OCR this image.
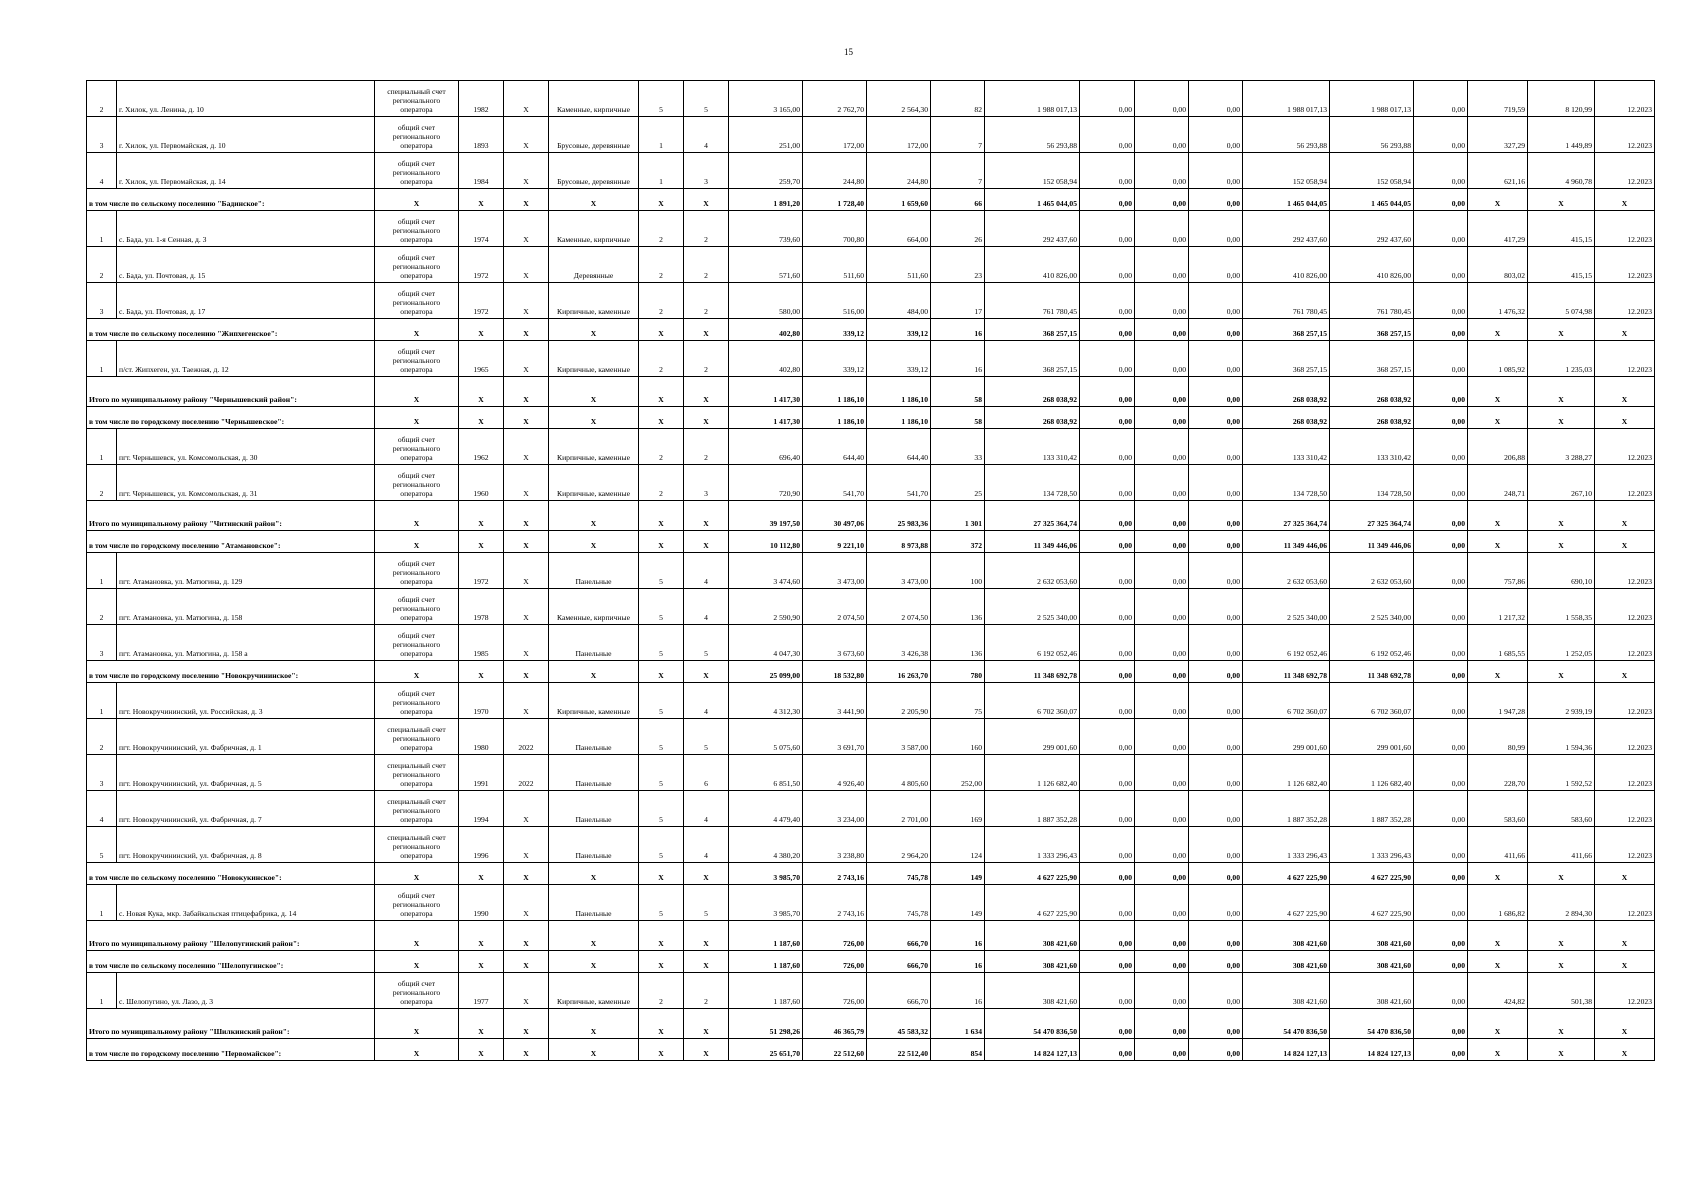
15
2	г. Хилок, ул. Ленина, д. 10	специальный счет регионального оператора	1982	X	Каменные, кирпичные	5	5	3 165,00	2 762,70	2 564,30	82	1 988 017,13	0,00	0,00	0,00	1 988 017,13	1 988 017,13	0,00	719,59	8 120,99	12.2023
3	г. Хилок, ул. Первомайская, д. 10	общий счет регионального оператора	1893	X	Брусовые, деревянные	1	4	251,00	172,00	172,00	7	56 293,88	0,00	0,00	0,00	56 293,88	56 293,88	0,00	327,29	1 449,89	12.2023
4	г. Хилок, ул. Первомайская, д. 14	общий счет регионального оператора	1984	X	Брусовые, деревянные	1	3	259,70	244,80	244,80	7	152 058,94	0,00	0,00	0,00	152 058,94	152 058,94	0,00	621,16	4 960,78	12.2023
в том числе по сельскому поселению "Бадинское":		X	X	X	X	X	X	1 891,20	1 728,40	1 659,60	66	1 465 044,05	0,00	0,00	0,00	1 465 044,05	1 465 044,05	0,00	X	X	X
1	с. Бада, ул. 1-я Сенная, д. 3	общий счет регионального оператора	1974	X	Каменные, кирпичные	2	2	739,60	700,80	664,00	26	292 437,60	0,00	0,00	0,00	292 437,60	292 437,60	0,00	417,29	415,15	12.2023
2	с. Бада, ул. Почтовая, д. 15	общий счет регионального оператора	1972	X	Деревянные	2	2	571,60	511,60	511,60	23	410 826,00	0,00	0,00	0,00	410 826,00	410 826,00	0,00	803,02	415,15	12.2023
3	с. Бада, ул. Почтовая, д. 17	общий счет регионального оператора	1972	X	Кирпичные, каменные	2	2	580,00	516,00	484,00	17	761 780,45	0,00	0,00	0,00	761 780,45	761 780,45	0,00	1 476,32	5 074,98	12.2023
в том числе по сельскому поселению "Жипхегенское":		X	X	X	X	X	X	402,80	339,12	339,12	16	368 257,15	0,00	0,00	0,00	368 257,15	368 257,15	0,00	X	X	X
1	п/ст. Жипхеген, ул. Таежная, д. 12	общий счет регионального оператора	1965	X	Кирпичные, каменные	2	2	402,80	339,12	339,12	16	368 257,15	0,00	0,00	0,00	368 257,15	368 257,15	0,00	1 085,92	1 235,03	12.2023
Итого по муниципальному району "Чернышевский район":		X	X	X	X	X	X	1 417,30	1 186,10	1 186,10	58	268 038,92	0,00	0,00	0,00	268 038,92	268 038,92	0,00	X	X	X
в том числе по городскому поселению "Чернышевское":		X	X	X	X	X	X	1 417,30	1 186,10	1 186,10	58	268 038,92	0,00	0,00	0,00	268 038,92	268 038,92	0,00	X	X	X
1	пгт. Чернышевск, ул. Комсомольская, д. 30	общий счет регионального оператора	1962	X	Кирпичные, каменные	2	2	696,40	644,40	644,40	33	133 310,42	0,00	0,00	0,00	133 310,42	133 310,42	0,00	206,88	3 288,27	12.2023
2	пгт. Чернышевск, ул. Комсомольская, д. 31	общий счет регионального оператора	1960	X	Кирпичные, каменные	2	3	720,90	541,70	541,70	25	134 728,50	0,00	0,00	0,00	134 728,50	134 728,50	0,00	248,71	267,10	12.2023
Итого по муниципальному району "Читинский район":		X	X	X	X	X	X	39 197,50	30 497,06	25 983,36	1 301	27 325 364,74	0,00	0,00	0,00	27 325 364,74	27 325 364,74	0,00	X	X	X
в том числе по городскому поселению "Атамановское":		X	X	X	X	X	X	10 112,80	9 221,10	8 973,88	372	11 349 446,06	0,00	0,00	0,00	11 349 446,06	11 349 446,06	0,00	X	X	X
1	пгт. Атамановка, ул. Матюгина, д. 129	общий счет регионального оператора	1972	X	Панельные	5	4	3 474,60	3 473,00	3 473,00	100	2 632 053,60	0,00	0,00	0,00	2 632 053,60	2 632 053,60	0,00	757,86	690,10	12.2023
2	пгт. Атамановка, ул. Матюгина, д. 158	общий счет регионального оператора	1978	X	Каменные, кирпичные	5	4	2 590,90	2 074,50	2 074,50	136	2 525 340,00	0,00	0,00	0,00	2 525 340,00	2 525 340,00	0,00	1 217,32	1 558,35	12.2023
3	пгт. Атамановка, ул. Матюгина, д. 158 а	общий счет регионального оператора	1985	X	Панельные	5	5	4 047,30	3 673,60	3 426,38	136	6 192 052,46	0,00	0,00	0,00	6 192 052,46	6 192 052,46	0,00	1 685,55	1 252,05	12.2023
в том числе по городскому поселению "Новокручининское":		X	X	X	X	X	X	25 099,00	18 532,80	16 263,70	780	11 348 692,78	0,00	0,00	0,00	11 348 692,78	11 348 692,78	0,00	X	X	X
1	пгт. Новокручининский, ул. Российская, д. 3	общий счет регионального оператора	1970	X	Кирпичные, каменные	5	4	4 312,30	3 441,90	2 205,90	75	6 702 360,07	0,00	0,00	0,00	6 702 360,07	6 702 360,07	0,00	1 947,28	2 939,19	12.2023
2	пгт. Новокручининский, ул. Фабричная, д. 1	специальный счет регионального оператора	1980	2022	Панельные	5	5	5 075,60	3 691,70	3 587,00	160	299 001,60	0,00	0,00	0,00	299 001,60	299 001,60	0,00	80,99	1 594,36	12.2023
3	пгт. Новокручининский, ул. Фабричная, д. 5	специальный счет регионального оператора	1991	2022	Панельные	5	6	6 851,50	4 926,40	4 805,60	252,00	1 126 682,40	0,00	0,00	0,00	1 126 682,40	1 126 682,40	0,00	228,70	1 592,52	12.2023
4	пгт. Новокручининский, ул. Фабричная, д. 7	специальный счет регионального оператора	1994	X	Панельные	5	4	4 479,40	3 234,00	2 701,00	169	1 887 352,28	0,00	0,00	0,00	1 887 352,28	1 887 352,28	0,00	583,60	583,60	12.2023
5	пгт. Новокручининский, ул. Фабричная, д. 8	специальный счет регионального оператора	1996	X	Панельные	5	4	4 380,20	3 238,80	2 964,20	124	1 333 296,43	0,00	0,00	0,00	1 333 296,43	1 333 296,43	0,00	411,66	411,66	12.2023
в том числе по сельскому поселению "Новокукинское":		X	X	X	X	X	X	3 985,70	2 743,16	745,78	149	4 627 225,90	0,00	0,00	0,00	4 627 225,90	4 627 225,90	0,00	X	X	X
1	с. Новая Кука, мкр. Забайкальская птицефабрика, д. 14	общий счет регионального оператора	1990	X	Панельные	5	5	3 985,70	2 743,16	745,78	149	4 627 225,90	0,00	0,00	0,00	4 627 225,90	4 627 225,90	0,00	1 686,82	2 894,30	12.2023
Итого по муниципальному району "Шелопугинский район":		X	X	X	X	X	X	1 187,60	726,00	666,70	16	308 421,60	0,00	0,00	0,00	308 421,60	308 421,60	0,00	X	X	X
в том числе по сельскому поселению "Шелопугинское":		X	X	X	X	X	X	1 187,60	726,00	666,70	16	308 421,60	0,00	0,00	0,00	308 421,60	308 421,60	0,00	X	X	X
1	с. Шелопугино, ул. Лазо, д. 3	общий счет регионального оператора	1977	X	Кирпичные, каменные	2	2	1 187,60	726,00	666,70	16	308 421,60	0,00	0,00	0,00	308 421,60	308 421,60	0,00	424,82	501,38	12.2023
Итого по муниципальному району "Шилкинский район":		X	X	X	X	X	X	51 298,26	46 365,79	45 583,32	1 634	54 470 836,50	0,00	0,00	0,00	54 470 836,50	54 470 836,50	0,00	X	X	X
в том числе по городскому поселению "Первомайское":		X	X	X	X	X	X	25 651,70	22 512,60	22 512,40	854	14 824 127,13	0,00	0,00	0,00	14 824 127,13	14 824 127,13	0,00	X	X	X
